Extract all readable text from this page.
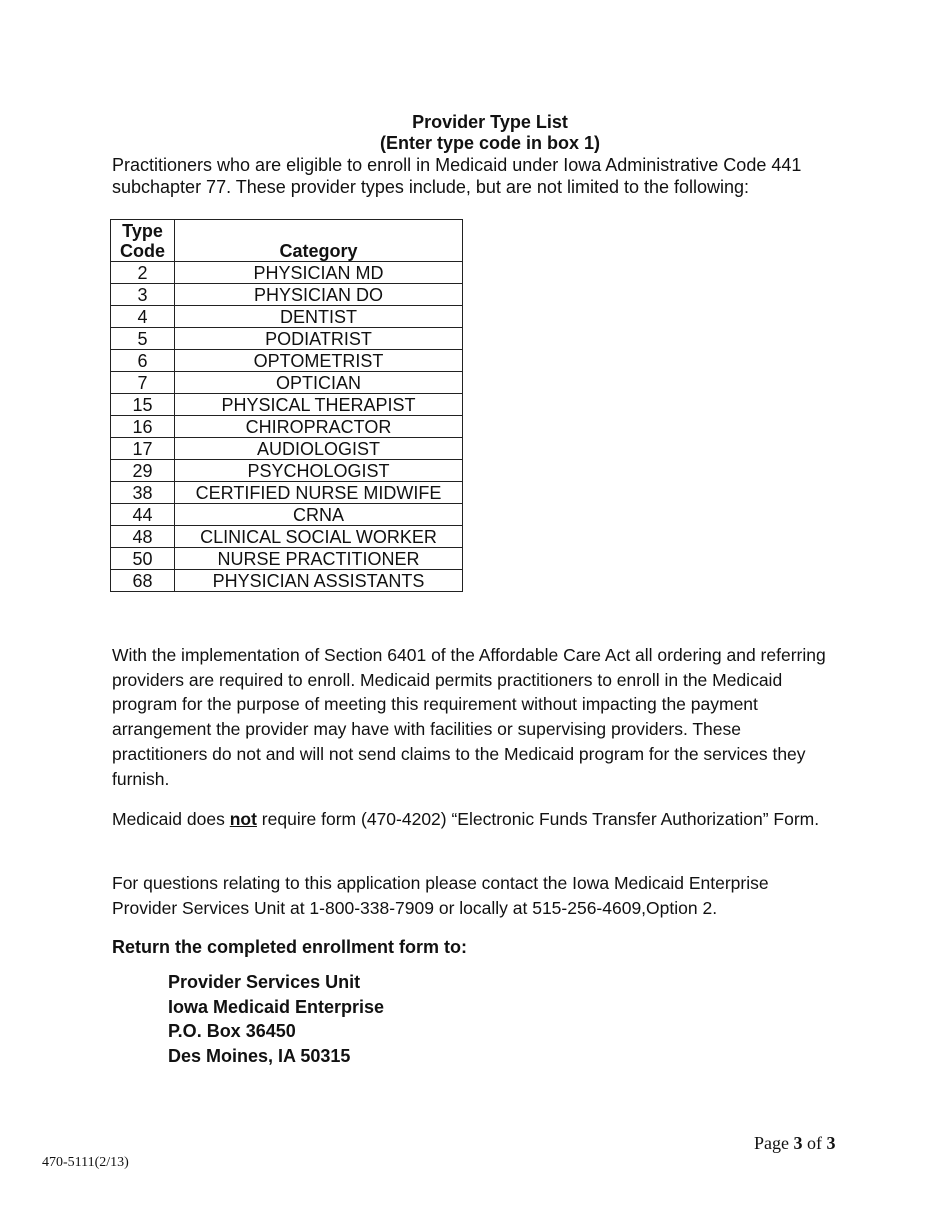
Provider Type List
(Enter type code in box 1)
Practitioners who are eligible to enroll in Medicaid under Iowa Administrative Code 441 subchapter 77. These provider types include, but are not limited to the following:
Type
Code	Category
2	PHYSICIAN MD
3	PHYSICIAN DO
4	DENTIST
5	PODIATRIST
6	OPTOMETRIST
7	OPTICIAN
15	PHYSICAL THERAPIST
16	CHIROPRACTOR
17	AUDIOLOGIST
29	PSYCHOLOGIST
38	CERTIFIED NURSE MIDWIFE
44	CRNA
48	CLINICAL SOCIAL WORKER
50	NURSE PRACTITIONER
68	PHYSICIAN ASSISTANTS

With the implementation of Section 6401 of the Affordable Care Act all ordering and referring providers are required to enroll. Medicaid permits practitioners to enroll in the Medicaid program for the purpose of meeting this requirement without impacting the payment arrangement the provider may have with facilities or supervising providers. These practitioners do not and will not send claims to the Medicaid program for the services they furnish.

Medicaid does not require form (470-4202) “Electronic Funds Transfer Authorization” Form.

For questions relating to this application please contact the Iowa Medicaid Enterprise Provider Services Unit at 1-800-338-7909 or locally at 515-256-4609,Option 2.

Return the completed enrollment form to:
Provider Services Unit
Iowa Medicaid Enterprise
P.O. Box 36450
Des Moines, IA 50315
Page 3 of 3
470-5111(2/13)
